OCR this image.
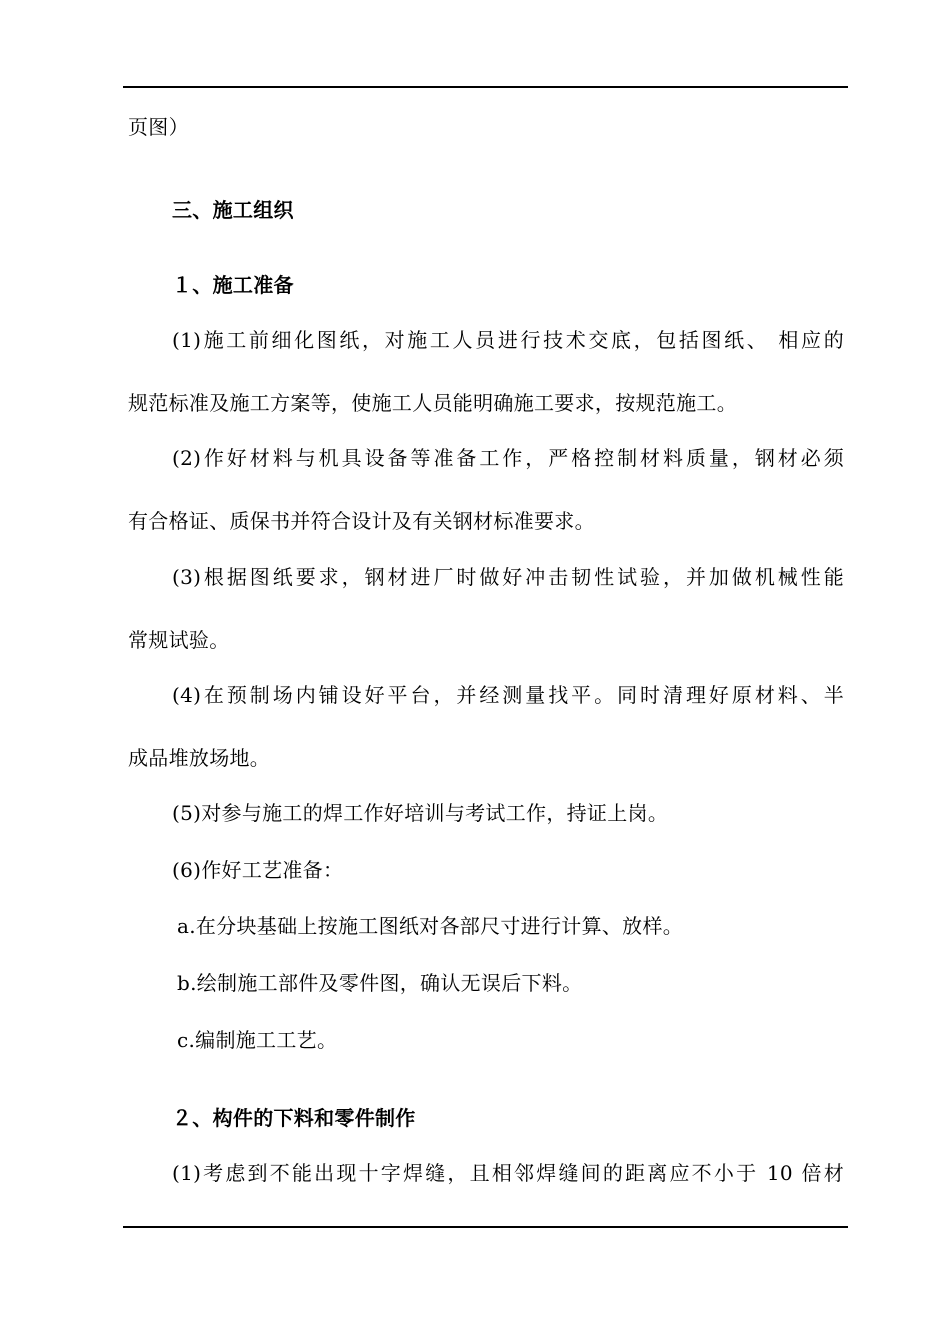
页图）
三、施工组织
１、施工准备
(1)施工前细化图纸，对施工人员进行技术交底，包括图纸、 相应的
规范标准及施工方案等，使施工人员能明确施工要求，按规范施工。
(2)作好材料与机具设备等准备工作，严格控制材料质量，钢材必须
有合格证、质保书并符合设计及有关钢材标准要求。
(3)根据图纸要求，钢材进厂时做好冲击韧性试验，并加做机械性能
常规试验。
(4)在预制场内铺设好平台，并经测量找平。同时清理好原材料、半
成品堆放场地。
(5)对参与施工的焊工作好培训与考试工作，持证上岗。
(6)作好工艺准备：
a.在分块基础上按施工图纸对各部尺寸进行计算、放样。
b.绘制施工部件及零件图，确认无误后下料。
c.编制施工工艺。
２、构件的下料和零件制作
(1)考虑到不能出现十字焊缝，且相邻焊缝间的距离应不小于 10 倍材
